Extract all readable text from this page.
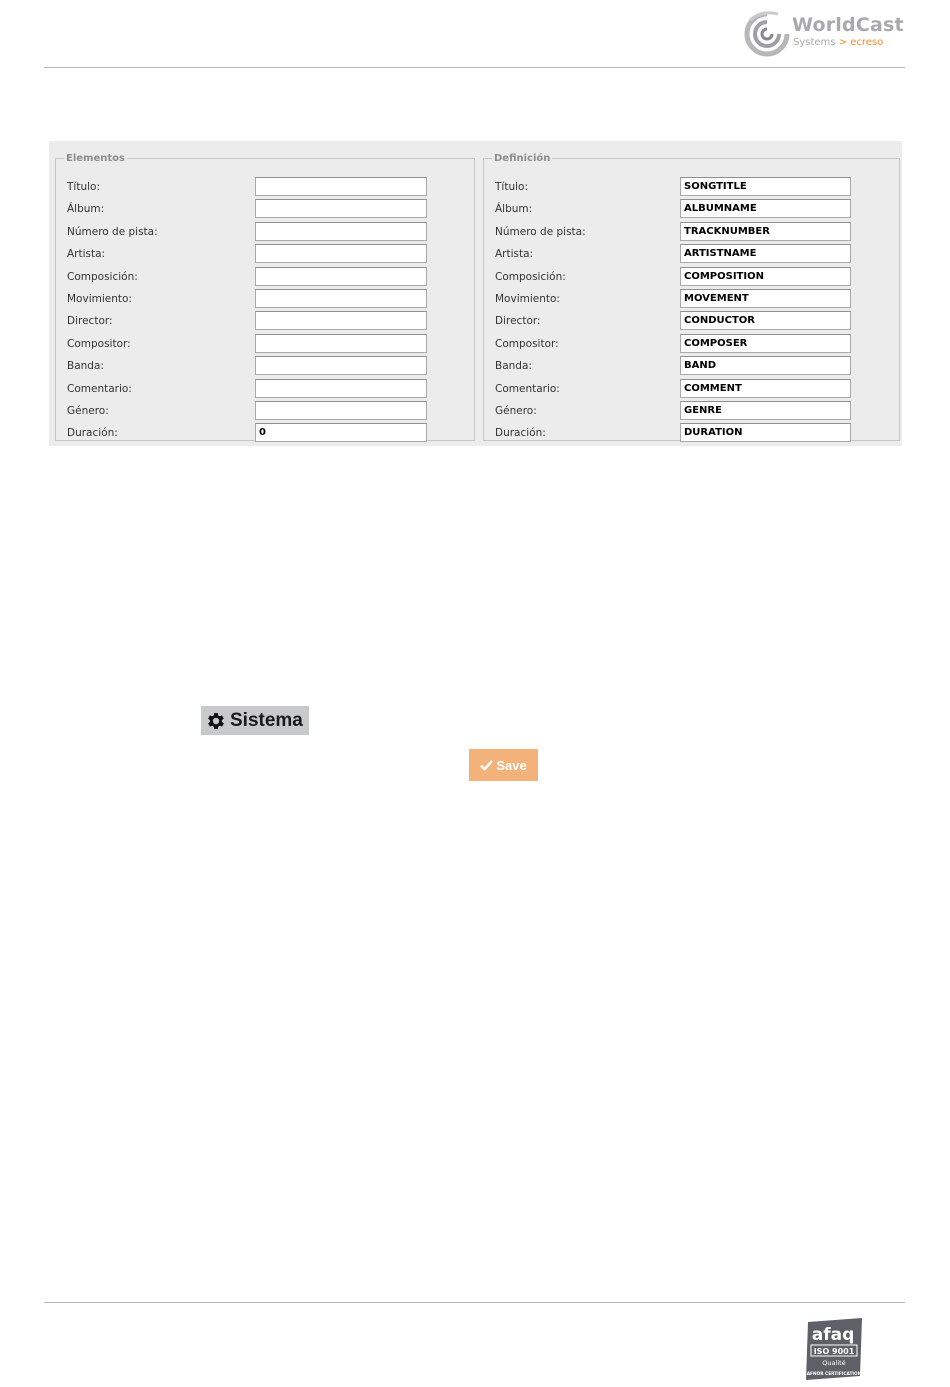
WorldCast
Systems > ecreso
Elementos
Título:
Álbum:
Número de pista:
Artista:
Composición:
Movimiento:
Director:
Compositor:
Banda:
Comentario:
Género:
Duración:	0
Definición
Título:	SONGTITLE
Álbum:	ALBUMNAME
Número de pista:	TRACKNUMBER
Artista:	ARTISTNAME
Composición:	COMPOSITION
Movimiento:	MOVEMENT
Director:	CONDUCTOR
Compositor:	COMPOSER
Banda:	BAND
Comentario:	COMMENT
Género:	GENRE
Duración:	DURATION
Sistema
Save
afaq
ISO 9001
Qualité
AFNOR CERTIFICATION
